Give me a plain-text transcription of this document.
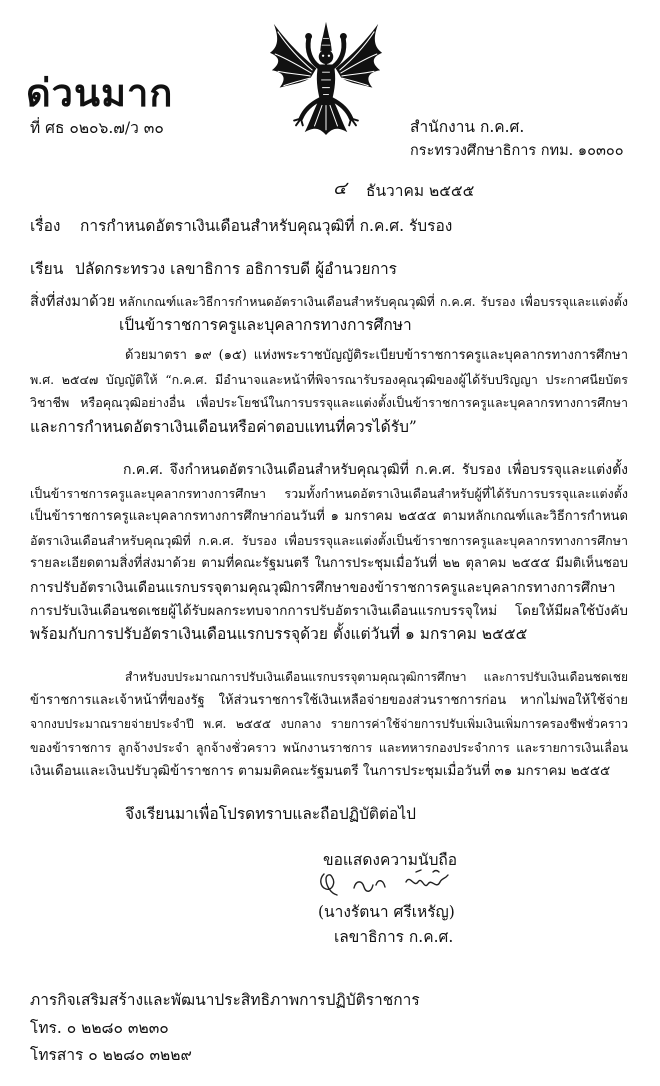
ด่วนมาก
ที่ ศธ ๐๒๐๖.๗/ว ๓๐	สำนักงาน ก.ค.ศ.
กระทรวงศึกษาธิการ กทม. ๑๐๓๐๐
๔	ธันวาคม ๒๕๕๕
เรื่อง	การกำหนดอัตราเงินเดือนสำหรับคุณวุฒิที่ ก.ค.ศ. รับรอง
เรียน ปลัดกระทรวง เลขาธิการ อธิการบดี ผู้อำนวยการ
สิ่งที่ส่งมาด้วย หลักเกณฑ์และวิธีการกำหนดอัตราเงินเดือนสำหรับคุณวุฒิที่ ก.ค.ศ. รับรอง เพื่อบรรจุและแต่งตั้ง
เป็นข้าราชการครูและบุคลากรทางการศึกษา
ด้วยมาตรา ๑๙ (๑๕) แห่งพระราชบัญญัติระเบียบข้าราชการครูและบุคลากรทางการศึกษา
พ.ศ. ๒๕๔๗ บัญญัติให้ “ก.ค.ศ. มีอำนาจและหน้าที่พิจารณารับรองคุณวุฒิของผู้ได้รับปริญญา ประกาศนียบัตร
วิชาชีพ หรือคุณวุฒิอย่างอื่น เพื่อประโยชน์ในการบรรจุและแต่งตั้งเป็นข้าราชการครูและบุคลากรทางการศึกษา
และการกำหนดอัตราเงินเดือนหรือค่าตอบแทนที่ควรได้รับ”
ก.ค.ศ. จึงกำหนดอัตราเงินเดือนสำหรับคุณวุฒิที่ ก.ค.ศ. รับรอง เพื่อบรรจุและแต่งตั้ง
เป็นข้าราชการครูและบุคลากรทางการศึกษา รวมทั้งกำหนดอัตราเงินเดือนสำหรับผู้ที่ได้รับการบรรจุและแต่งตั้ง
เป็นข้าราชการครูและบุคลากรทางการศึกษาก่อนวันที่ ๑ มกราคม ๒๕๕๕ ตามหลักเกณฑ์และวิธีการกำหนด
อัตราเงินเดือนสำหรับคุณวุฒิที่ ก.ค.ศ. รับรอง เพื่อบรรจุและแต่งตั้งเป็นข้าราชการครูและบุคลากรทางการศึกษา
รายละเอียดตามสิ่งที่ส่งมาด้วย ตามที่คณะรัฐมนตรี ในการประชุมเมื่อวันที่ ๒๒ ตุลาคม ๒๕๕๕ มีมติเห็นชอบ
การปรับอัตราเงินเดือนแรกบรรจุตามคุณวุฒิการศึกษาของข้าราชการครูและบุคลากรทางการศึกษา
การปรับเงินเดือนชดเชยผู้ได้รับผลกระทบจากการปรับอัตราเงินเดือนแรกบรรจุใหม่ โดยให้มีผลใช้บังคับ
พร้อมกับการปรับอัตราเงินเดือนแรกบรรจุด้วย ตั้งแต่วันที่ ๑ มกราคม ๒๕๕๕
สำหรับงบประมาณการปรับเงินเดือนแรกบรรจุตามคุณวุฒิการศึกษา และการปรับเงินเดือนชดเชย
ข้าราชการและเจ้าหน้าที่ของรัฐ ให้ส่วนราชการใช้เงินเหลือจ่ายของส่วนราชการก่อน หากไม่พอให้ใช้จ่าย
จากงบประมาณรายจ่ายประจำปี พ.ศ. ๒๕๕๕ งบกลาง รายการค่าใช้จ่ายการปรับเพิ่มเงินเพิ่มการครองชีพชั่วคราว
ของข้าราชการ ลูกจ้างประจำ ลูกจ้างชั่วคราว พนักงานราชการ และทหารกองประจำการ และรายการเงินเลื่อน
เงินเดือนและเงินปรับวุฒิข้าราชการ ตามมติคณะรัฐมนตรี ในการประชุมเมื่อวันที่ ๓๑ มกราคม ๒๕๕๕
จึงเรียนมาเพื่อโปรดทราบและถือปฏิบัติต่อไป
ขอแสดงความนับถือ
(นางรัตนา ศรีเหรัญ)
เลขาธิการ ก.ค.ศ.
ภารกิจเสริมสร้างและพัฒนาประสิทธิภาพการปฏิบัติราชการ
โทร. ๐ ๒๒๘๐ ๓๒๓๐
โทรสาร ๐ ๒๒๘๐ ๓๒๒๙
